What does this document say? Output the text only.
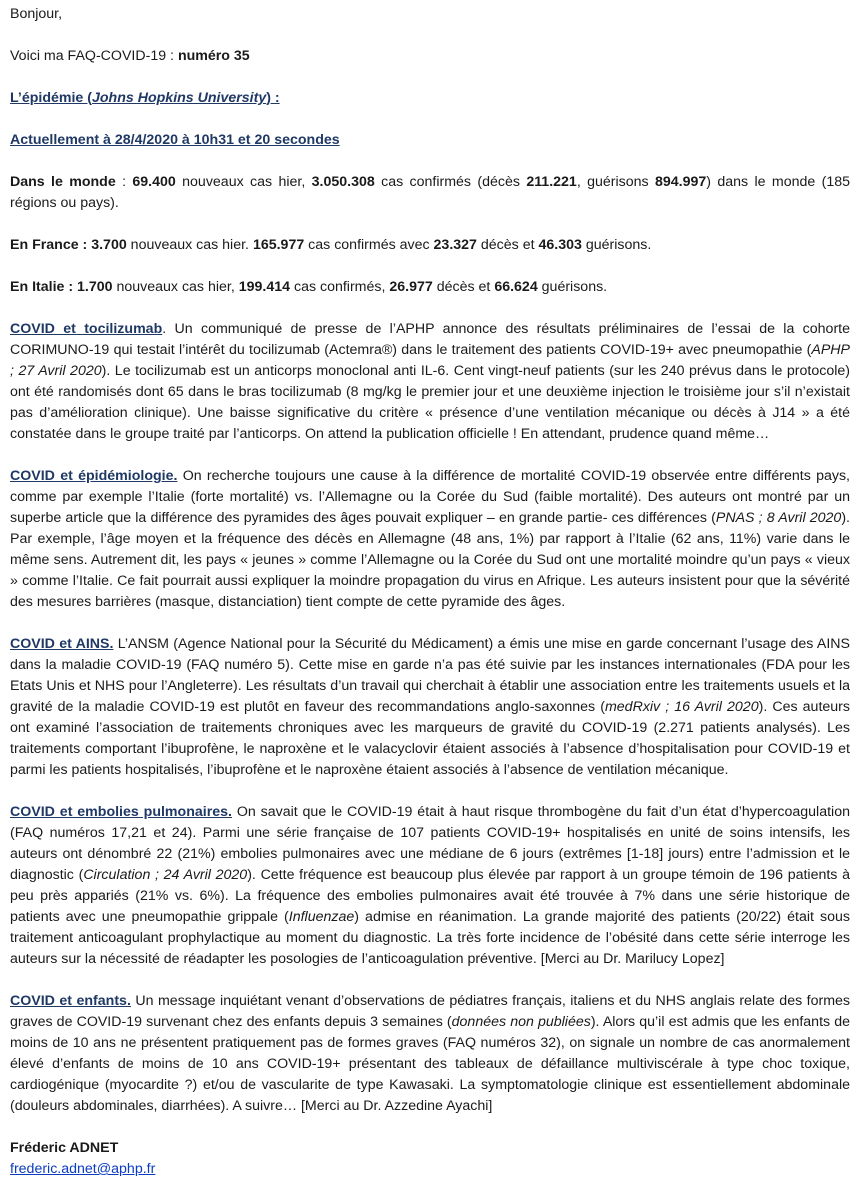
Bonjour,

Voici ma FAQ-COVID-19 : numéro 35

L’épidémie (Johns Hopkins University) :

Actuellement à 28/4/2020 à 10h31 et 20 secondes

Dans le monde : 69.400 nouveaux cas hier, 3.050.308 cas confirmés (décès 211.221, guérisons 894.997) dans le monde (185 régions ou pays).

En France : 3.700 nouveaux cas hier. 165.977 cas confirmés avec 23.327 décès et 46.303 guérisons.

En Italie : 1.700 nouveaux cas hier, 199.414 cas confirmés, 26.977 décès et 66.624 guérisons.

COVID et tocilizumab. Un communiqué de presse de l’APHP annonce des résultats préliminaires de l’essai de la cohorte CORIMUNO-19 qui testait l’intérêt du tocilizumab (Actemra®) dans le traitement des patients COVID-19+ avec pneumopathie (APHP ; 27 Avril 2020). Le tocilizumab est un anticorps monoclonal anti IL-6. Cent vingt-neuf patients (sur les 240 prévus dans le protocole) ont été randomisés dont 65 dans le bras tocilizumab (8 mg/kg le premier jour et une deuxième injection le troisième jour s’il n’existait pas d’amélioration clinique). Une baisse significative du critère « présence d’une ventilation mécanique ou décès à J14 » a été constatée dans le groupe traité par l’anticorps. On attend la publication officielle ! En attendant, prudence quand même…

COVID et épidémiologie. On recherche toujours une cause à la différence de mortalité COVID-19 observée entre différents pays, comme par exemple l’Italie (forte mortalité) vs. l’Allemagne ou la Corée du Sud (faible mortalité). Des auteurs ont montré par un superbe article que la différence des pyramides des âges pouvait expliquer – en grande partie- ces différences (PNAS ; 8 Avril 2020). Par exemple, l’âge moyen et la fréquence des décès en Allemagne (48 ans, 1%) par rapport à l’Italie (62 ans, 11%) varie dans le même sens. Autrement dit, les pays « jeunes » comme l’Allemagne ou la Corée du Sud ont une mortalité moindre qu’un pays « vieux » comme l’Italie. Ce fait pourrait aussi expliquer la moindre propagation du virus en Afrique. Les auteurs insistent pour que la sévérité des mesures barrières (masque, distanciation) tient compte de cette pyramide des âges.

COVID et AINS. L’ANSM (Agence National pour la Sécurité du Médicament) a émis une mise en garde concernant l’usage des AINS dans la maladie COVID-19 (FAQ numéro 5). Cette mise en garde n’a pas été suivie par les instances internationales (FDA pour les Etats Unis et NHS pour l’Angleterre). Les résultats d’un travail qui cherchait à établir une association entre les traitements usuels et la gravité de la maladie COVID-19 est plutôt en faveur des recommandations anglo-saxonnes (medRxiv ; 16 Avril 2020). Ces auteurs ont examiné l’association de traitements chroniques avec les marqueurs de gravité du COVID-19 (2.271 patients analysés). Les traitements comportant l’ibuprofène, le naproxène et le valacyclovir étaient associés à l’absence d’hospitalisation pour COVID-19 et parmi les patients hospitalisés, l’ibuprofène et le naproxène étaient associés à l’absence de ventilation mécanique.

COVID et embolies pulmonaires. On savait que le COVID-19 était à haut risque thrombogène du fait d’un état d’hypercoagulation (FAQ numéros 17,21 et 24). Parmi une série française de 107 patients COVID-19+ hospitalisés en unité de soins intensifs, les auteurs ont dénombré 22 (21%) embolies pulmonaires avec une médiane de 6 jours (extrêmes [1-18] jours) entre l’admission et le diagnostic (Circulation ; 24 Avril 2020). Cette fréquence est beaucoup plus élevée par rapport à un groupe témoin de 196 patients à peu près appariés (21% vs. 6%). La fréquence des embolies pulmonaires avait été trouvée à 7% dans une série historique de patients avec une pneumopathie grippale (Influenzae) admise en réanimation. La grande majorité des patients (20/22) était sous traitement anticoagulant prophylactique au moment du diagnostic. La très forte incidence de l’obésité dans cette série interroge les auteurs sur la nécessité de réadapter les posologies de l’anticoagulation préventive. [Merci au Dr. Marilucy Lopez]

COVID et enfants. Un message inquiétant venant d’observations de pédiatres français, italiens et du NHS anglais relate des formes graves de COVID-19 survenant chez des enfants depuis 3 semaines (données non publiées). Alors qu’il est admis que les enfants de moins de 10 ans ne présentent pratiquement pas de formes graves (FAQ numéros 32), on signale un nombre de cas anormalement élevé d’enfants de moins de 10 ans COVID-19+ présentant des tableaux de défaillance multiviscérale à type choc toxique, cardiogénique (myocardite ?) et/ou de vascularite de type Kawasaki. La symptomatologie clinique est essentiellement abdominale (douleurs abdominales, diarrhées). A suivre… [Merci au Dr. Azzedine Ayachi]

Fréderic ADNET

frederic.adnet@aphp.fr
